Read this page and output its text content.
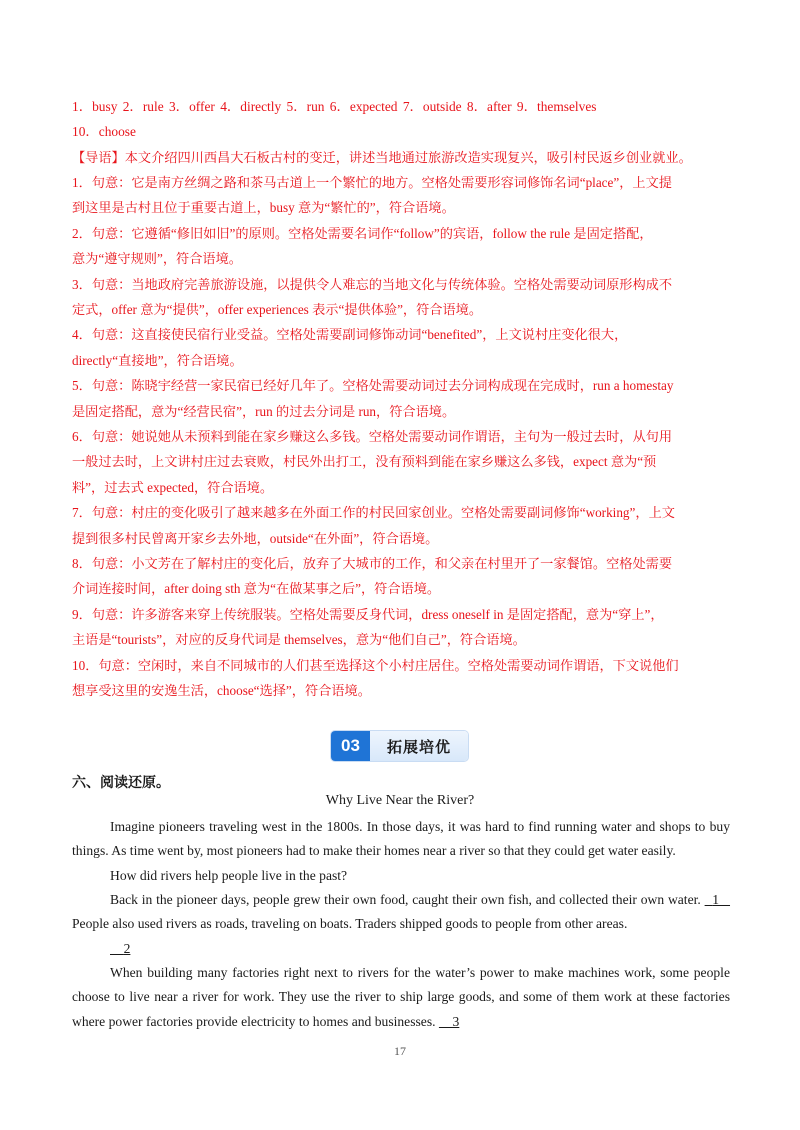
1．busy 2．rule 3．offer 4．directly 5．run 6．expected 7．outside 8．after 9．themselves
10．choose
【导语】本文介绍四川西昌大石板古村的变迁，讲述当地通过旅游改造实现复兴，吸引村民返乡创业就业。
1．句意：它是南方丝绸之路和茶马古道上一个繁忙的地方。空格处需要形容词修饰名词“place”，上文提
到这里是古村且位于重要古道上，busy 意为“繁忙的”，符合语境。
2．句意：它遵循“修旧如旧”的原则。空格处需要名词作“follow”的宾语，follow the rule 是固定搭配，
意为“遵守规则”，符合语境。
3．句意：当地政府完善旅游设施，以提供令人难忘的当地文化与传统体验。空格处需要动词原形构成不
定式，offer 意为“提供”，offer experiences 表示“提供体验”，符合语境。
4．句意：这直接使民宿行业受益。空格处需要副词修饰动词“benefited”，上文说村庄变化很大，
directly“直接地”，符合语境。
5．句意：陈晓宇经营一家民宿已经好几年了。空格处需要动词过去分词构成现在完成时，run a homestay
是固定搭配，意为“经营民宿”，run 的过去分词是 run，符合语境。
6．句意：她说她从未预料到能在家乡赚这么多钱。空格处需要动词作谓语，主句为一般过去时，从句用
一般过去时，上文讲村庄过去衰败，村民外出打工，没有预料到能在家乡赚这么多钱，expect 意为“预
料”，过去式 expected，符合语境。
7．句意：村庄的变化吸引了越来越多在外面工作的村民回家创业。空格处需要副词修饰“working”，上文
提到很多村民曾离开家乡去外地，outside“在外面”，符合语境。
8．句意：小文芳在了解村庄的变化后，放弃了大城市的工作，和父亲在村里开了一家餐馆。空格处需要
介词连接时间，after doing sth 意为“在做某事之后”，符合语境。
9．句意：许多游客来穿上传统服装。空格处需要反身代词，dress oneself in 是固定搭配，意为“穿上”，
主语是“tourists”，对应的反身代词是 themselves，意为“他们自己”，符合语境。
10．句意：空闲时，来自不同城市的人们甚至选择这个小村庄居住。空格处需要动词作谓语，下文说他们
想享受这里的安逸生活，choose“选择”，符合语境。
03	拓展培优
六、阅读还原。
Why Live Near the River?
Imagine pioneers traveling west in the 1800s. In those days, it was hard to find running water and shops to buy things. As time went by, most pioneers had to make their homes near a river so that they could get water easily.
How did rivers help people live in the past?
Back in the pioneer days, people grew their own food, caught their own fish, and collected their own water. 1    People also used rivers as roads, traveling on boats. Traders shipped goods to people from other areas.
2
When building many factories right next to rivers for the water’s power to make machines work, some people choose to live near a river for work. They use the river to ship large goods, and some of them work at these factories where power factories provide electricity to homes and businesses. 3
17
